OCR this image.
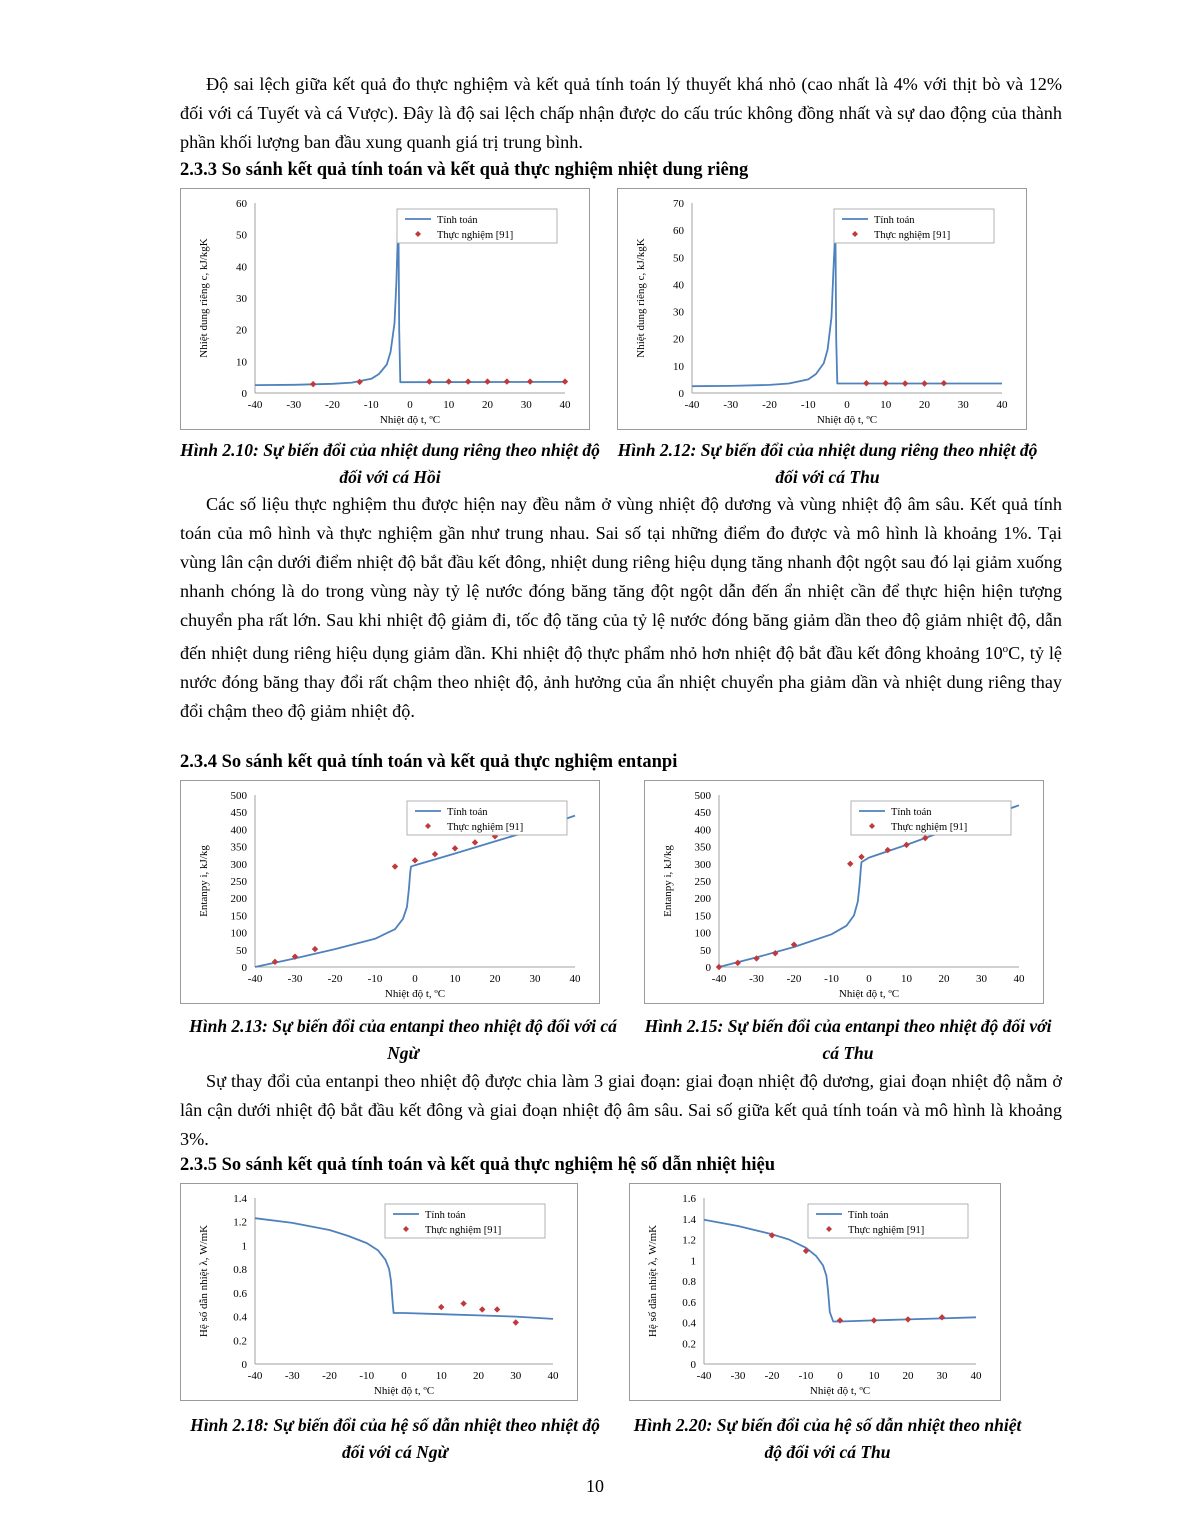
Độ sai lệch giữa kết quả đo thực nghiệm và kết quả tính toán lý thuyết khá nhỏ (cao nhất là 4% với thịt bò và 12% đối với cá Tuyết và cá Vược). Đây là độ sai lệch chấp nhận được do cấu trúc không đồng nhất và sự dao động của thành phần khối lượng ban đầu xung quanh giá trị trung bình.

2.3.3 So sánh kết quả tính toán và kết quả thực nghiệm nhiệt dung riêng

0
10
20
30
40
50
60
-40 -30 -20 -10	0	10	20	30	40
Nhiệt độ t, ºC
Nhiệt dung riêng c, kJ/kgK
Tính toán
Thực nghiệm [91]
0
10
20
30
40
50
60
70
-40 -30 -20 -10	0	10	20	30	40
Nhiệt độ t, ºC
Nhiệt dung riêng c, kJ/kgK
Tính toán
Thực nghiệm [91]

Hình 2.10: Sự biến đổi của nhiệt dung riêng theo nhiệt độ đối với cá Hồi

Hình 2.12: Sự biến đổi của nhiệt dung riêng theo nhiệt độ đối với cá Thu

Các số liệu thực nghiệm thu được hiện nay đều nằm ở vùng nhiệt độ dương và vùng nhiệt độ âm sâu. Kết quả tính toán của mô hình và thực nghiệm gần như trung nhau. Sai số tại những điểm đo được và mô hình là khoảng 1%. Tại vùng lân cận dưới điểm nhiệt độ bắt đầu kết đông, nhiệt dung riêng hiệu dụng tăng nhanh đột ngột sau đó lại giảm xuống nhanh chóng là do trong vùng này tỷ lệ nước đóng băng tăng đột ngột dẫn đến ẩn nhiệt cần để thực hiện hiện tượng chuyển pha rất lớn. Sau khi nhiệt độ giảm đi, tốc độ tăng của tỷ lệ nước đóng băng giảm dần theo độ giảm nhiệt độ, dẫn đến nhiệt dung riêng hiệu dụng giảm dần. Khi nhiệt độ thực phẩm nhỏ hơn nhiệt độ bắt đầu kết đông khoảng 10$^o$C, tỷ lệ nước đóng băng thay đổi rất chậm theo nhiệt độ, ảnh hưởng của ẩn nhiệt chuyển pha giảm dần và nhiệt dung riêng thay đổi chậm theo độ giảm nhiệt độ.

2.3.4 So sánh kết quả tính toán và kết quả thực nghiệm entanpi

0
50
100
150
200
250
300
350
400
450
500
-40 -30 -20 -10	0	10	20	30	40
Nhiệt độ t, ºC
Entanpy i, kJ/kg
Tính toán
Thực nghiệm [91]
0
50
100
150
200
250
300
350
400
450
500
-40 -30 -20 -10 0	10 20 30 40
Nhiệt độ t, ºC
Entanpy i, kJ/kg
Tính toán
Thực nghiệm [91]

Hình 2.13: Sự biến đổi của entanpi theo nhiệt độ đối với cá Ngừ

Hình 2.15: Sự biến đổi của entanpi theo nhiệt độ đối với cá Thu

Sự thay đổi của entanpi theo nhiệt độ được chia làm 3 giai đoạn: giai đoạn nhiệt độ dương, giai đoạn nhiệt độ nằm ở lân cận dưới nhiệt độ bắt đầu kết đông và giai đoạn nhiệt độ âm sâu. Sai số giữa kết quả tính toán và mô hình là khoảng 3%.

2.3.5 So sánh kết quả tính toán và kết quả thực nghiệm hệ số dẫn nhiệt hiệu

0
0.2
0.4
0.6
0.8
1
1.2
1.4
-40 -30 -20 -10 0	10 20 30 40
Nhiệt độ t, ºC
Hệ số dẫn nhiệt λ, W/mK
Tính toán
Thực nghiệm [91]
0
0.2
0.4
0.6
0.8
1
1.2
1.4
1.6
-40 -30 -20 -10 0 10 20 30 40
Nhiệt độ t, ºC
Hệ số dẫn nhiệt λ, W/mK
Tính toán
Thực nghiệm [91]

Hình 2.18: Sự biến đổi của hệ số dẫn nhiệt theo nhiệt độ đối với cá Ngừ

Hình 2.20: Sự biến đổi của hệ số dẫn nhiệt theo nhiệt độ đối với cá Thu

10
